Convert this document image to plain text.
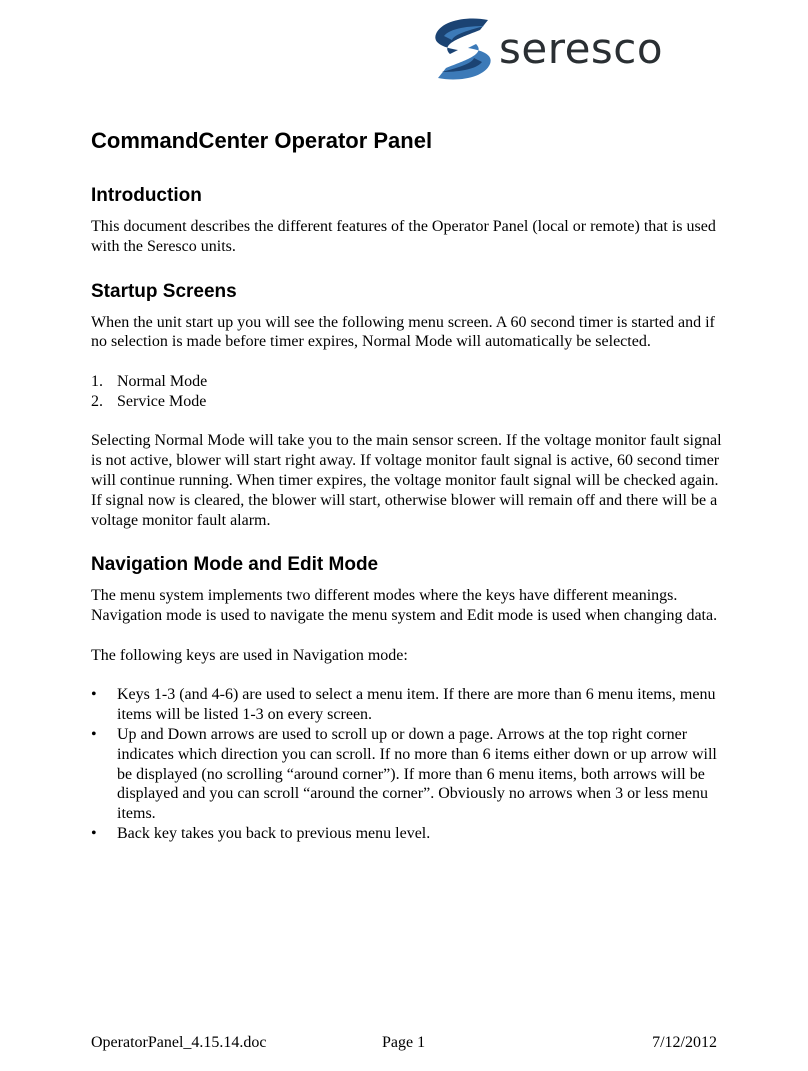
seresco
CommandCenter Operator Panel
Introduction

This document describes the different features of the Operator Panel (local or remote) that is used with the Seresco units.

Startup Screens

When the unit start up you will see the following menu screen. A 60 second timer is started and if no selection is made before timer expires, Normal Mode will automatically be selected.

1. Normal Mode
2. Service Mode

Selecting Normal Mode will take you to the main sensor screen. If the voltage monitor fault signal is not active, blower will start right away. If voltage monitor fault signal is active, 60 second timer will continue running. When timer expires, the voltage monitor fault signal will be checked again. If signal now is cleared, the blower will start, otherwise blower will remain off and there will be a voltage monitor fault alarm.

Navigation Mode and Edit Mode

The menu system implements two different modes where the keys have different meanings. Navigation mode is used to navigate the menu system and Edit mode is used when changing data.

The following keys are used in Navigation mode:

• Keys 1-3 (and 4-6) are used to select a menu item. If there are more than 6 menu items, menu items will be listed 1-3 on every screen.
• Up and Down arrows are used to scroll up or down a page. Arrows at the top right corner indicates which direction you can scroll. If no more than 6 items either down or up arrow will be displayed (no scrolling “around corner”). If more than 6 menu items, both arrows will be displayed and you can scroll “around the corner”. Obviously no arrows when 3 or less menu items.
• Back key takes you back to previous menu level.
OperatorPanel_4.15.14.doc	Page 1	7/12/2012
